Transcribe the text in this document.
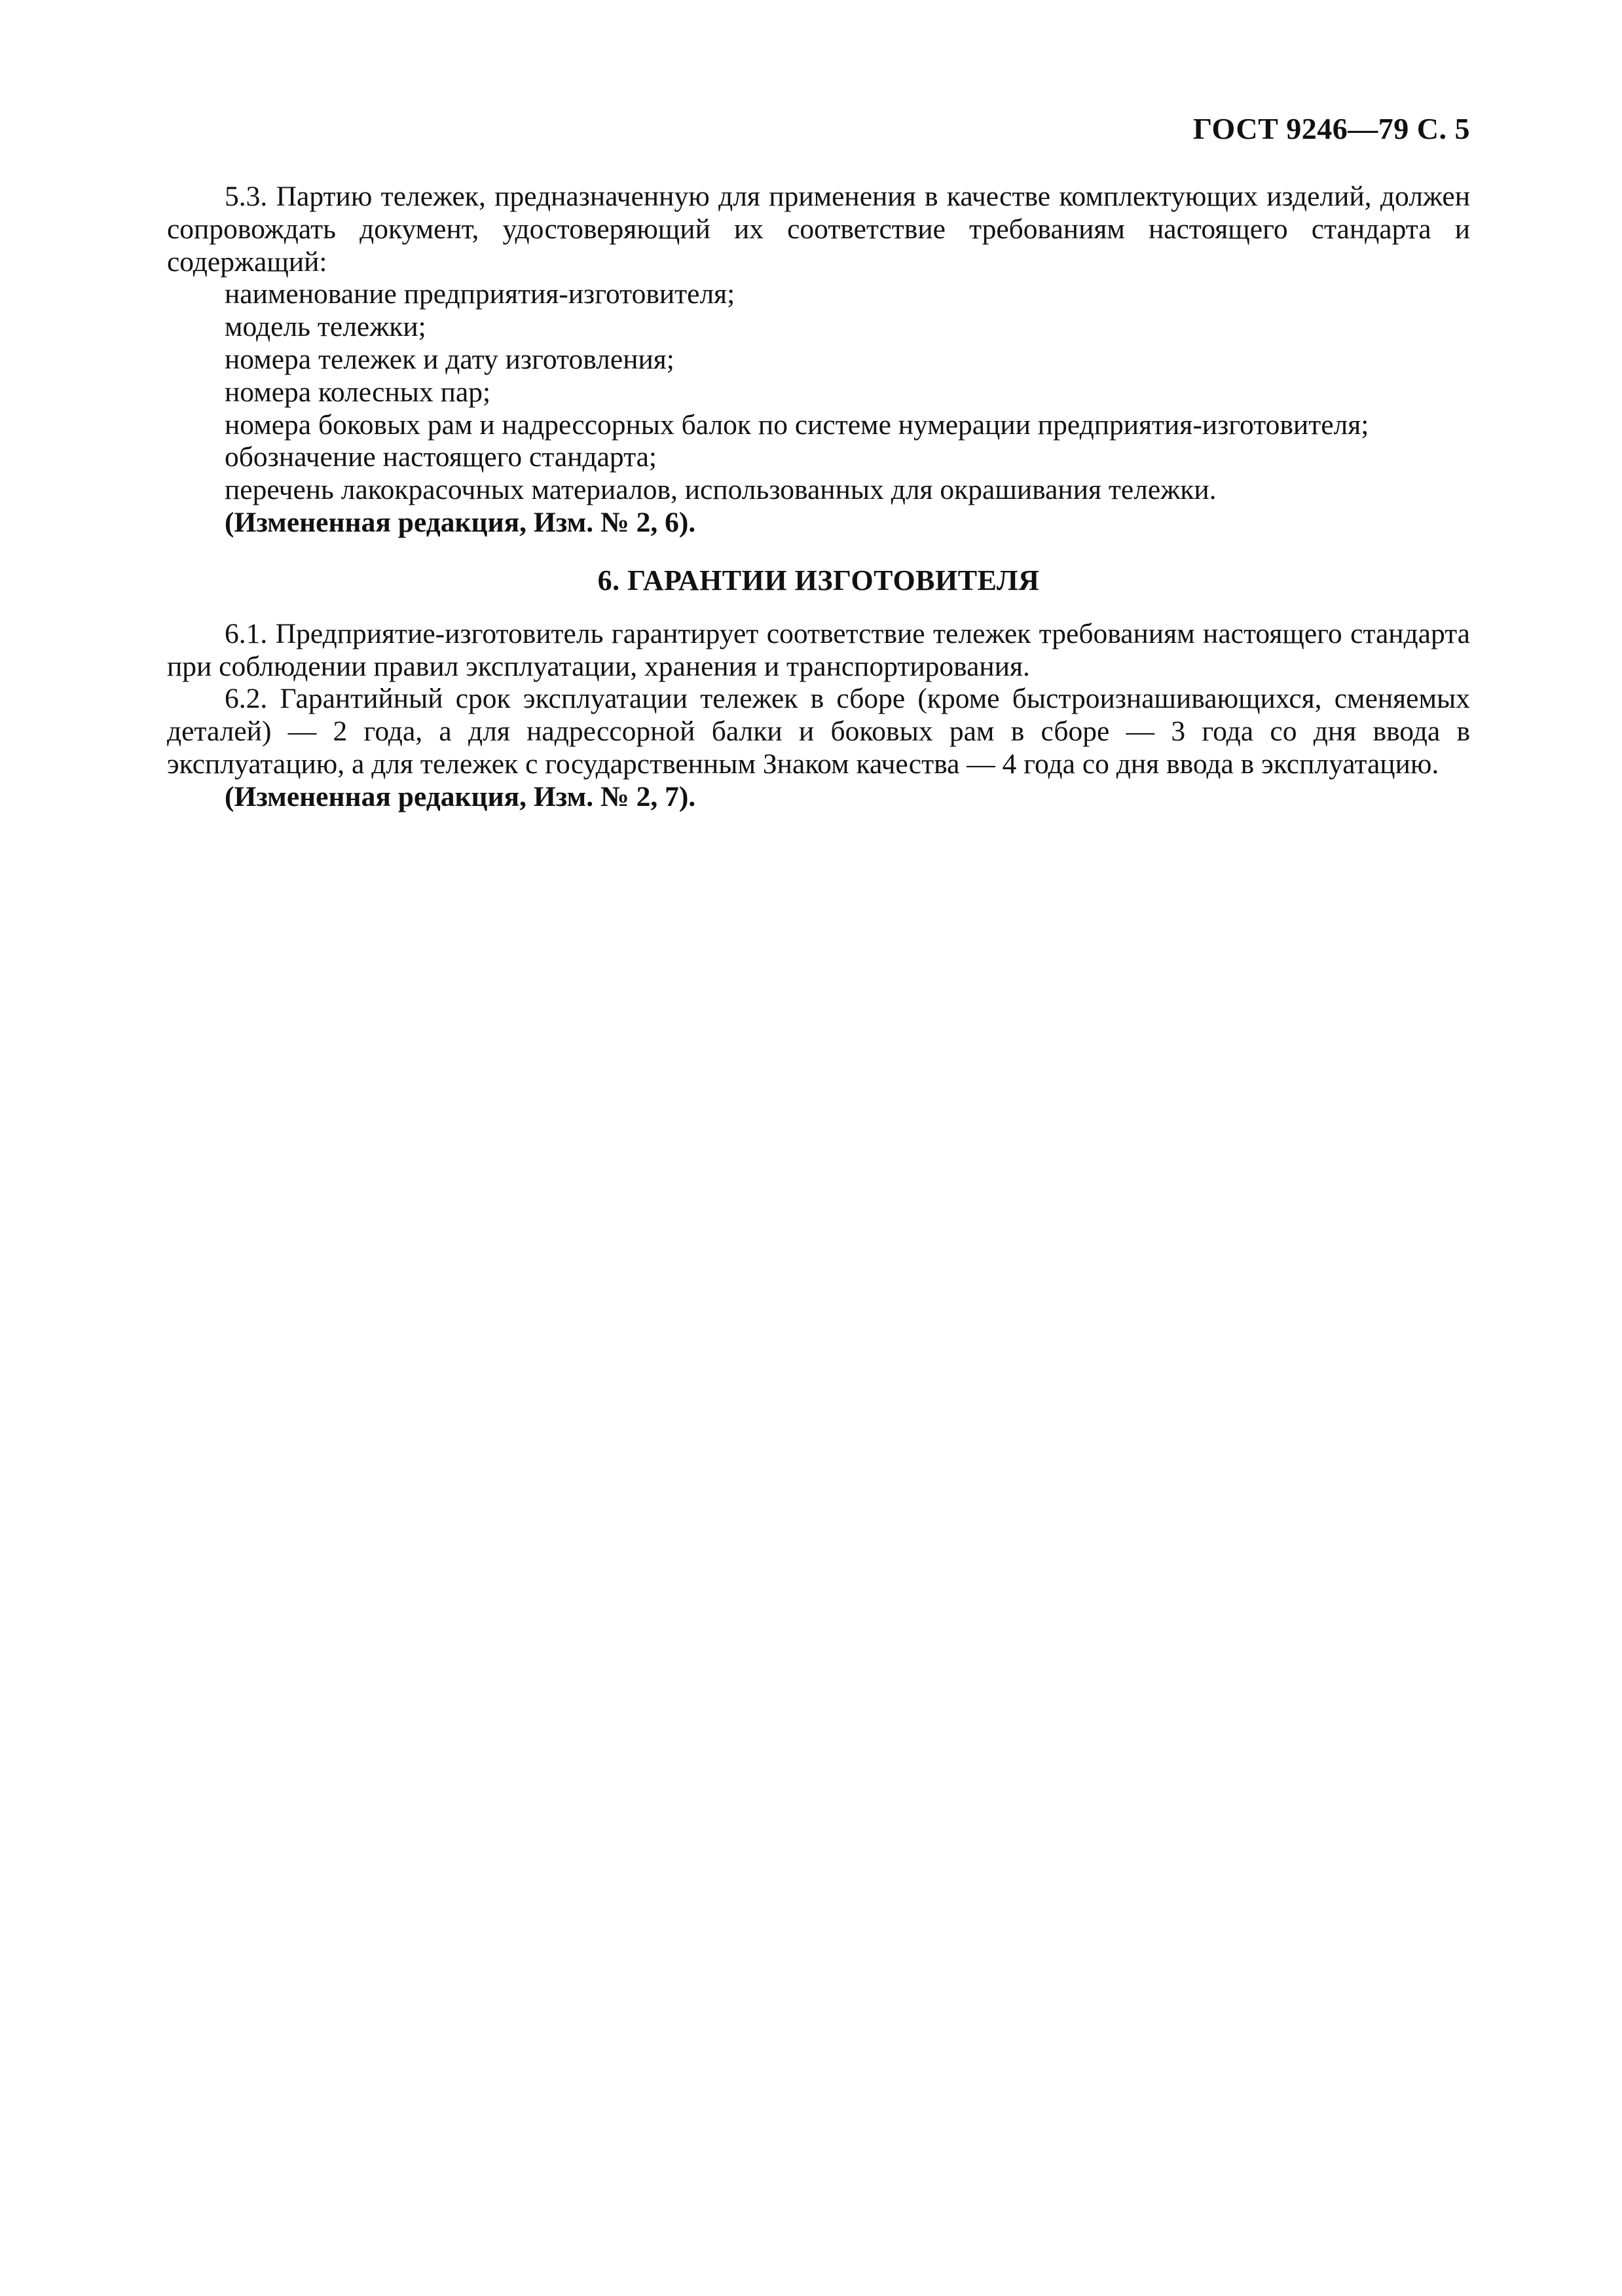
ГОСТ 9246—79 С. 5

5.3. Партию тележек, предназначенную для применения в качестве комплектующих изделий, должен сопровождать документ, удостоверяющий их соответствие требованиям настоящего стандарта и содержащий:

наименование предприятия-изготовителя;
модель тележки;
номера тележек и дату изготовления;
номера колесных пар;
номера боковых рам и надрессорных балок по системе нумерации предприятия-изготовителя;
обозначение настоящего стандарта;
перечень лакокрасочных материалов, использованных для окрашивания тележки.

(Измененная редакция, Изм. № 2, 6).

6. ГАРАНТИИ ИЗГОТОВИТЕЛЯ

6.1. Предприятие-изготовитель гарантирует соответствие тележек требованиям настоящего стандарта при соблюдении правил эксплуатации, хранения и транспортирования.

6.2. Гарантийный срок эксплуатации тележек в сборе (кроме быстроизнашивающихся, сменяемых деталей) — 2 года, а для надрессорной балки и боковых рам в сборе — 3 года со дня ввода в эксплуатацию, а для тележек с государственным Знаком качества — 4 года со дня ввода в эксплуатацию.

(Измененная редакция, Изм. № 2, 7).
